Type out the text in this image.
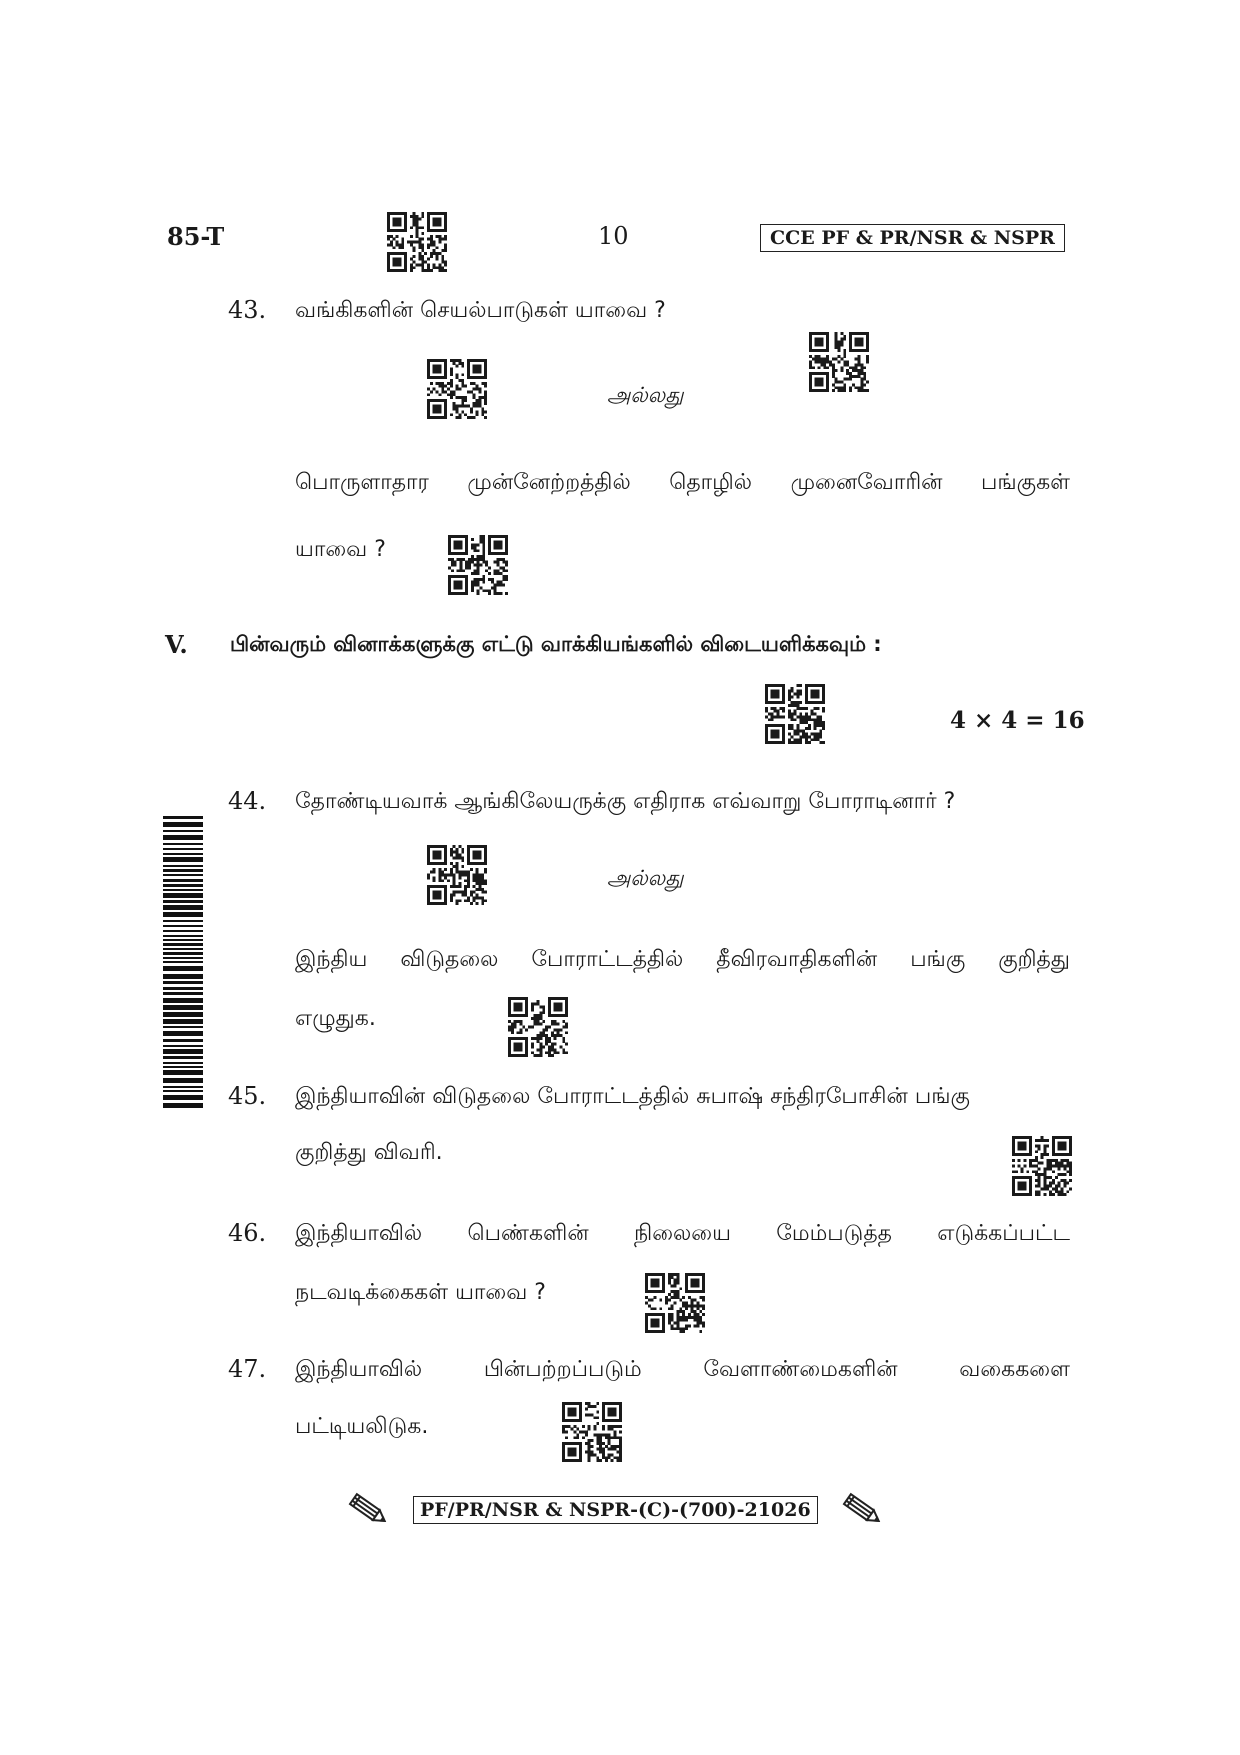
85-T	10	CCE PF & PR/NSR & NSPR
43. வங்கிகளின் செயல்பாடுகள் யாவை ?
அல்லது
பொருளாதார முன்னேற்றத்தில் தொழில் முனைவோரின் பங்குகள்
யாவை ?
V. பின்வரும் வினாக்களுக்கு எட்டு வாக்கியங்களில் விடையளிக்கவும் :
4 × 4 = 16
44. தோண்டியவாக் ஆங்கிலேயருக்கு எதிராக எவ்வாறு போராடினார் ?
அல்லது
இந்திய விடுதலை போராட்டத்தில் தீவிரவாதிகளின் பங்கு குறித்து
எழுதுக.
45. இந்தியாவின் விடுதலை போராட்டத்தில் சுபாஷ் சந்திரபோசின் பங்கு
குறித்து விவரி.
46. இந்தியாவில் பெண்களின் நிலையை மேம்படுத்த எடுக்கப்பட்ட
நடவடிக்கைகள் யாவை ?
47. இந்தியாவில்	பின்பற்றப்படும்	வேளாண்மைகளின்	வகைகளை
பட்டியலிடுக.
PF/PR/NSR & NSPR-(C)-(700)-21026
